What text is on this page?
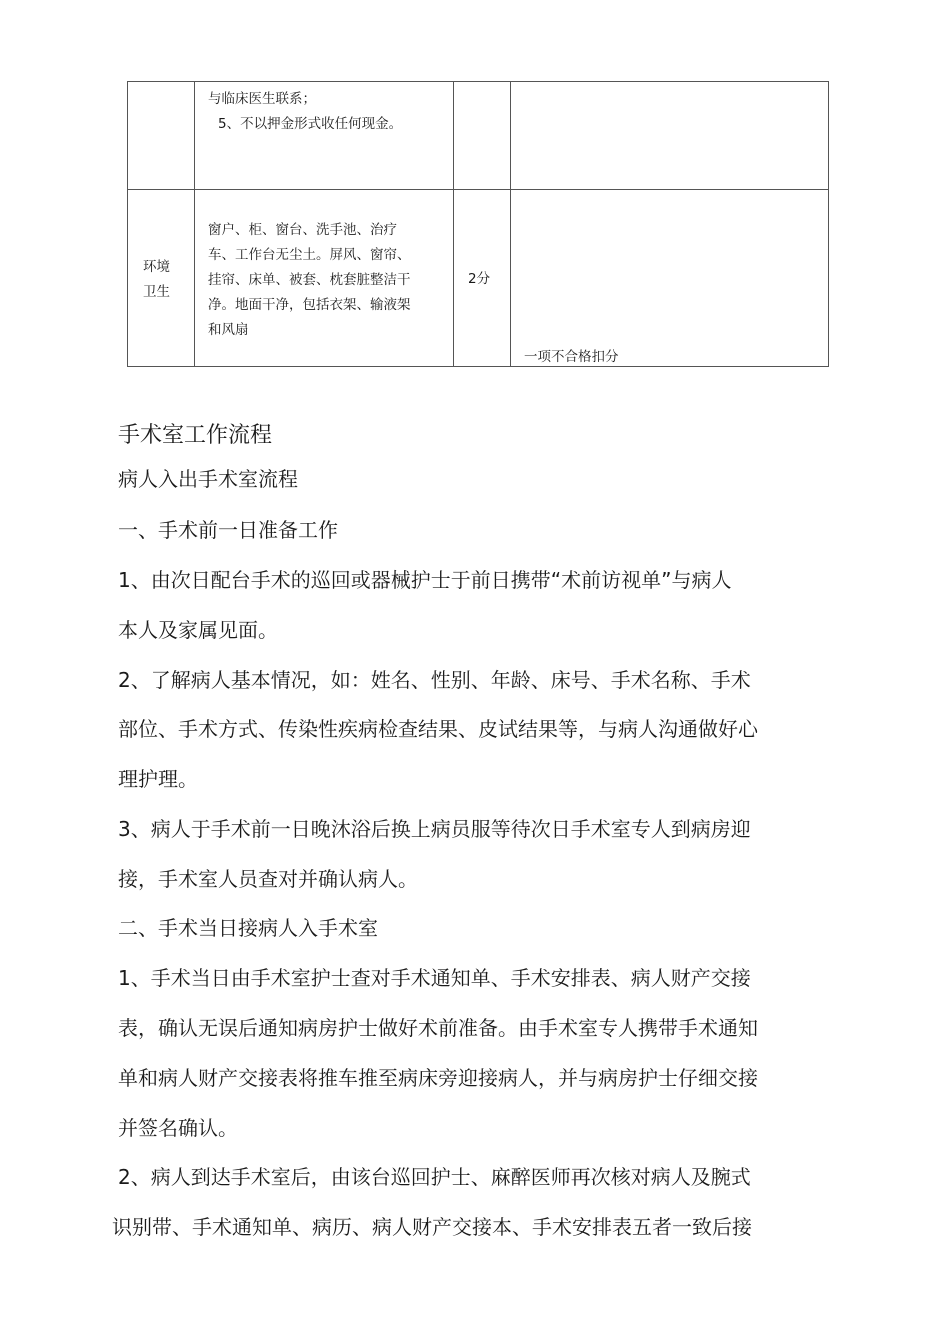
与临床医生联系；
5、不以押金形式收任何现金。
环境
卫生
窗户、柜、窗台、洗手池、治疗
车、工作台无尘土。屏风、窗帘、
挂帘、床单、被套、枕套脏整洁干
净。地面干净，包括衣架、输液架
和风扇
2分
一项不合格扣分
手术室工作流程
病人入出手术室流程
一、手术前一日准备工作
1、由次日配台手术的巡回或器械护士于前日携带“术前访视单”与病人
本人及家属见面。
2、了解病人基本情况，如：姓名、性别、年龄、床号、手术名称、手术
部位、手术方式、传染性疾病检查结果、皮试结果等，与病人沟通做好心
理护理。
3、病人于手术前一日晚沐浴后换上病员服等待次日手术室专人到病房迎
接，手术室人员查对并确认病人。
二、手术当日接病人入手术室
1、手术当日由手术室护士查对手术通知单、手术安排表、病人财产交接
表，确认无误后通知病房护士做好术前准备。由手术室专人携带手术通知
单和病人财产交接表将推车推至病床旁迎接病人，并与病房护士仔细交接
并签名确认。
2、病人到达手术室后，由该台巡回护士、麻醉医师再次核对病人及腕式
识别带、手术通知单、病历、病人财产交接本、手术安排表五者一致后接
